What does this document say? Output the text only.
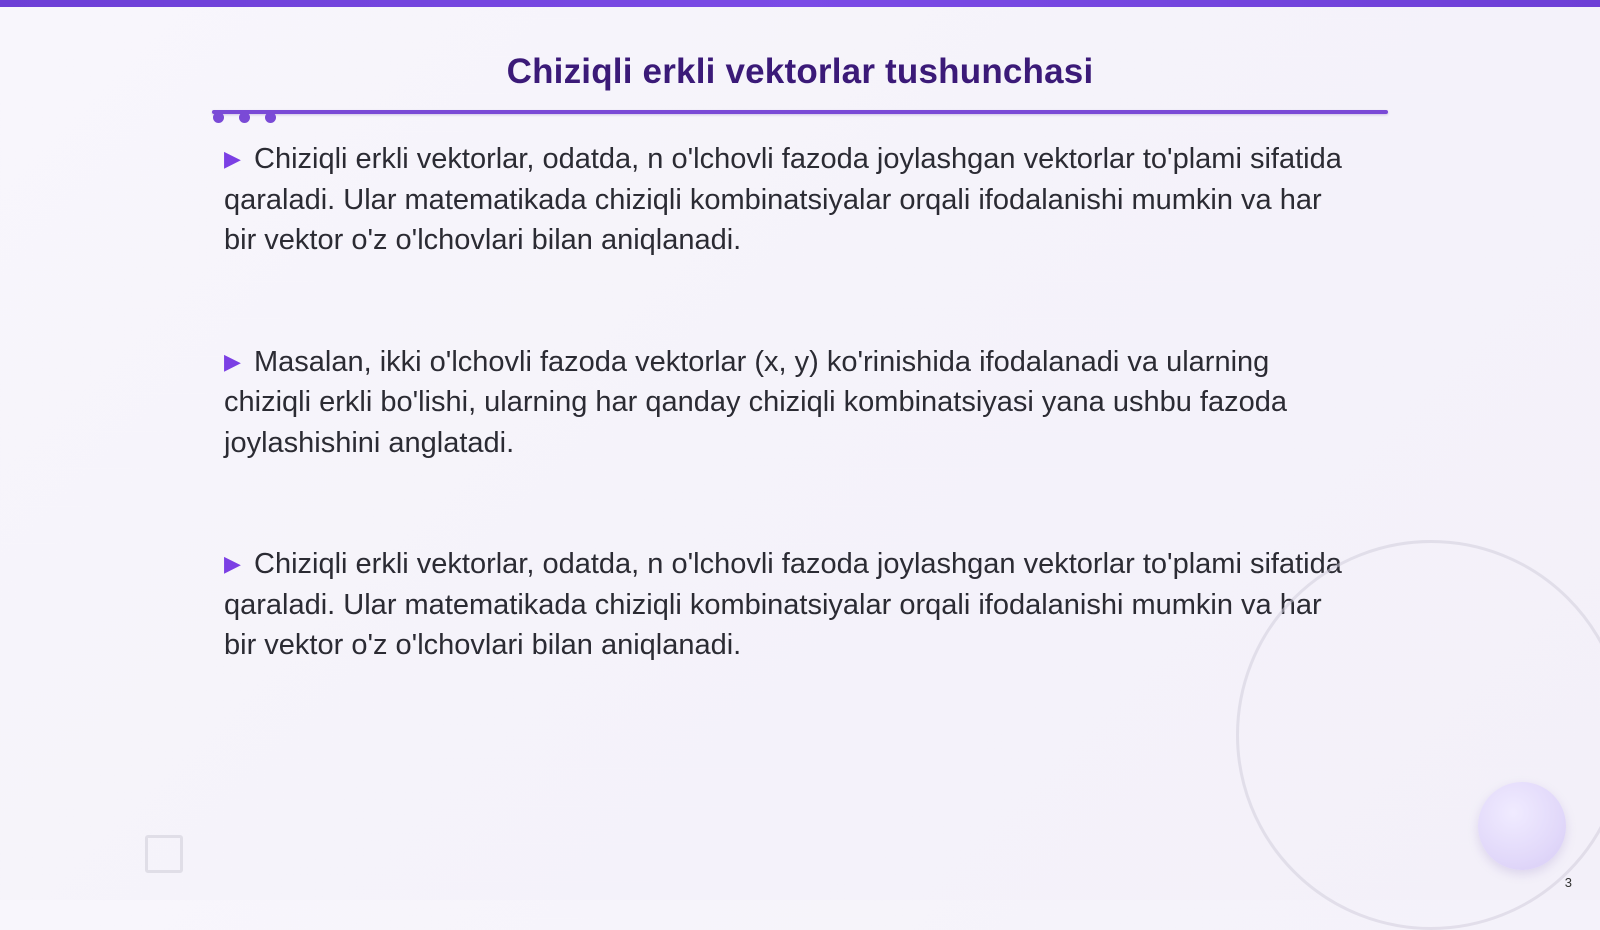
Chiziqli erkli vektorlar tushunchasi

▶ Chiziqli erkli vektorlar, odatda, n o'lchovli fazoda joylashgan vektorlar to'plami sifatida qaraladi. Ular matematikada chiziqli kombinatsiyalar orqali ifodalanishi mumkin va har bir vektor o'z o'lchovlari bilan aniqlanadi.

▶ Masalan, ikki o'lchovli fazoda vektorlar (x, y) ko'rinishida ifodalanadi va ularning chiziqli erkli bo'lishi, ularning har qanday chiziqli kombinatsiyasi yana ushbu fazoda joylashishini anglatadi.

▶ Chiziqli erkli vektorlar, odatda, n o'lchovli fazoda joylashgan vektorlar to'plami sifatida qaraladi. Ular matematikada chiziqli kombinatsiyalar orqali ifodalanishi mumkin va har bir vektor o'z o'lchovlari bilan aniqlanadi.

3
